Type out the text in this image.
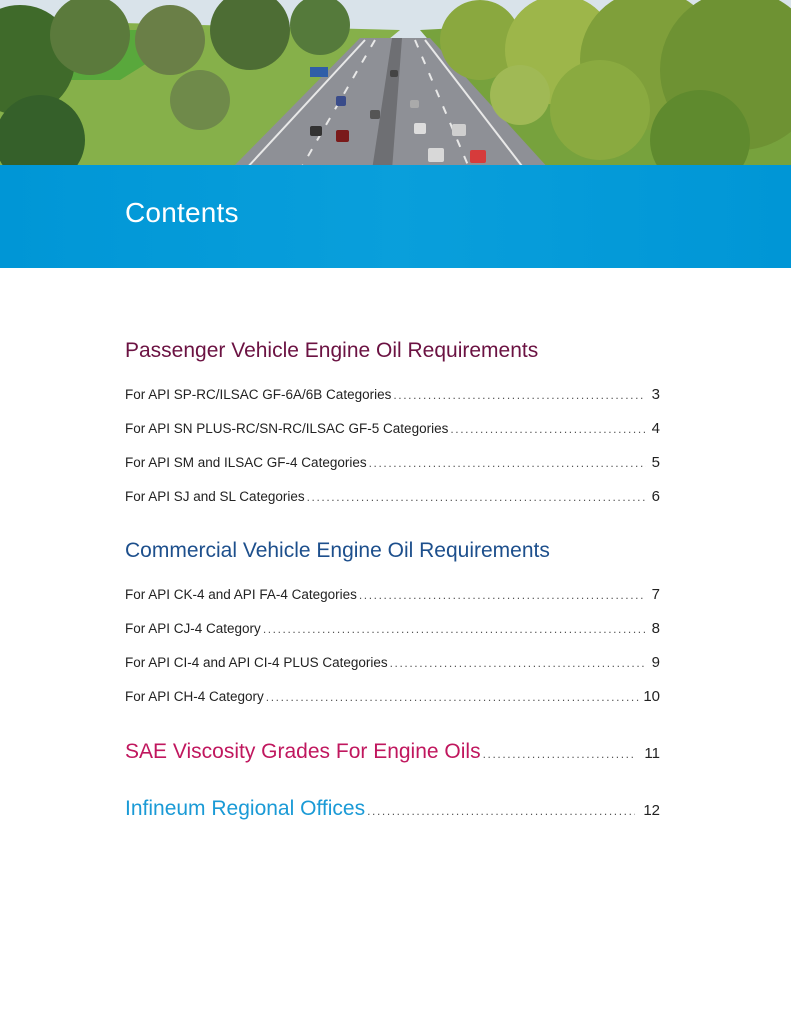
Contents
Passenger Vehicle Engine Oil Requirements
For API SP-RC/ILSAC GF-6A/6B Categories .....	3
For API SN PLUS-RC/SN-RC/ILSAC GF-5 Categories .....	4
For API SM and ILSAC GF-4 Categories .....	5
For API SJ and SL Categories .....	6
Commercial Vehicle Engine Oil Requirements
For API CK-4 and API FA-4 Categories .....	7
For API CJ-4 Category .....	8
For API CI-4 and API CI-4 PLUS Categories .....	9
For API CH-4 Category .....	10
SAE Viscosity Grades For Engine Oils .....	11
Infineum Regional Offices .....	12
